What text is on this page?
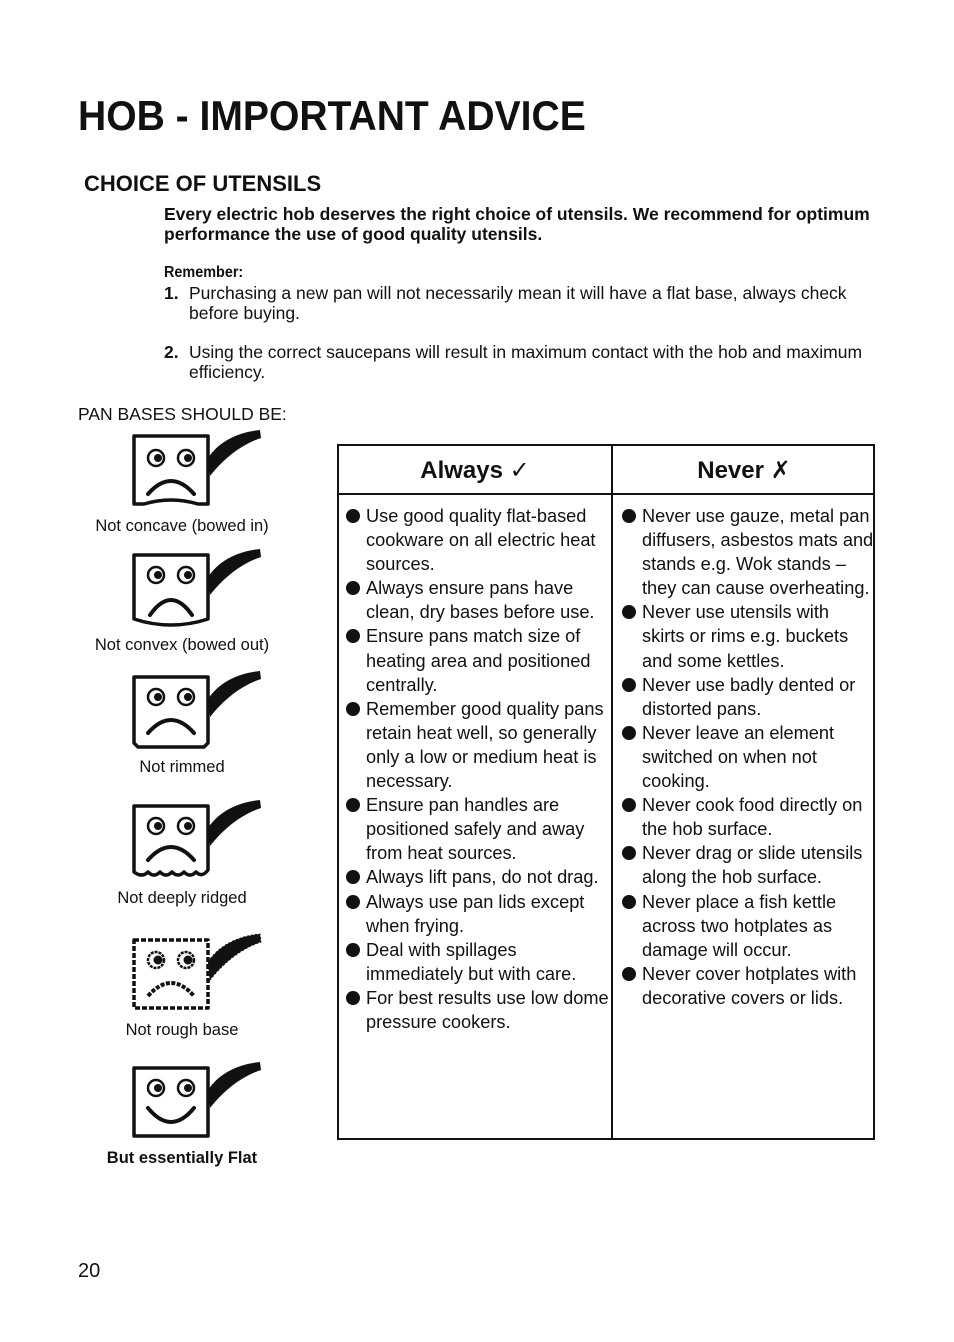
HOB - IMPORTANT ADVICE
CHOICE OF UTENSILS
Every electric hob deserves the right choice of utensils. We recommend for optimum performance the use of good quality utensils.
Remember:
1. Purchasing a new pan will not necessarily mean it will have a flat base, always check before buying.
2. Using the correct saucepans will result in maximum contact with the hob and maximum efficiency.
PAN BASES SHOULD BE:
Not concave (bowed in)
Not convex (bowed out)
Not rimmed
Not deeply ridged
Not rough base
But essentially Flat
Always ✓	Never ✗
Use good quality flat-based cookware on all electric heat sources.
Always ensure pans have clean, dry bases before use.
Ensure pans match size of heating area and positioned centrally.
Remember good quality pans retain heat well, so generally only a low or medium heat is necessary.
Ensure pan handles are positioned safely and away from heat sources.
Always lift pans, do not drag.
Always use pan lids except when frying.
Deal with spillages immediately but with care.
For best results use low dome pressure cookers.
Never use gauze, metal pan diffusers, asbestos mats and stands e.g. Wok stands – they can cause overheating.
Never use utensils with skirts or rims e.g. buckets and some kettles.
Never use badly dented or distorted pans.
Never leave an element switched on when not cooking.
Never cook food directly on the hob surface.
Never drag or slide utensils along the hob surface.
Never place a fish kettle across two hotplates as damage will occur.
Never cover hotplates with decorative covers or lids.
20
